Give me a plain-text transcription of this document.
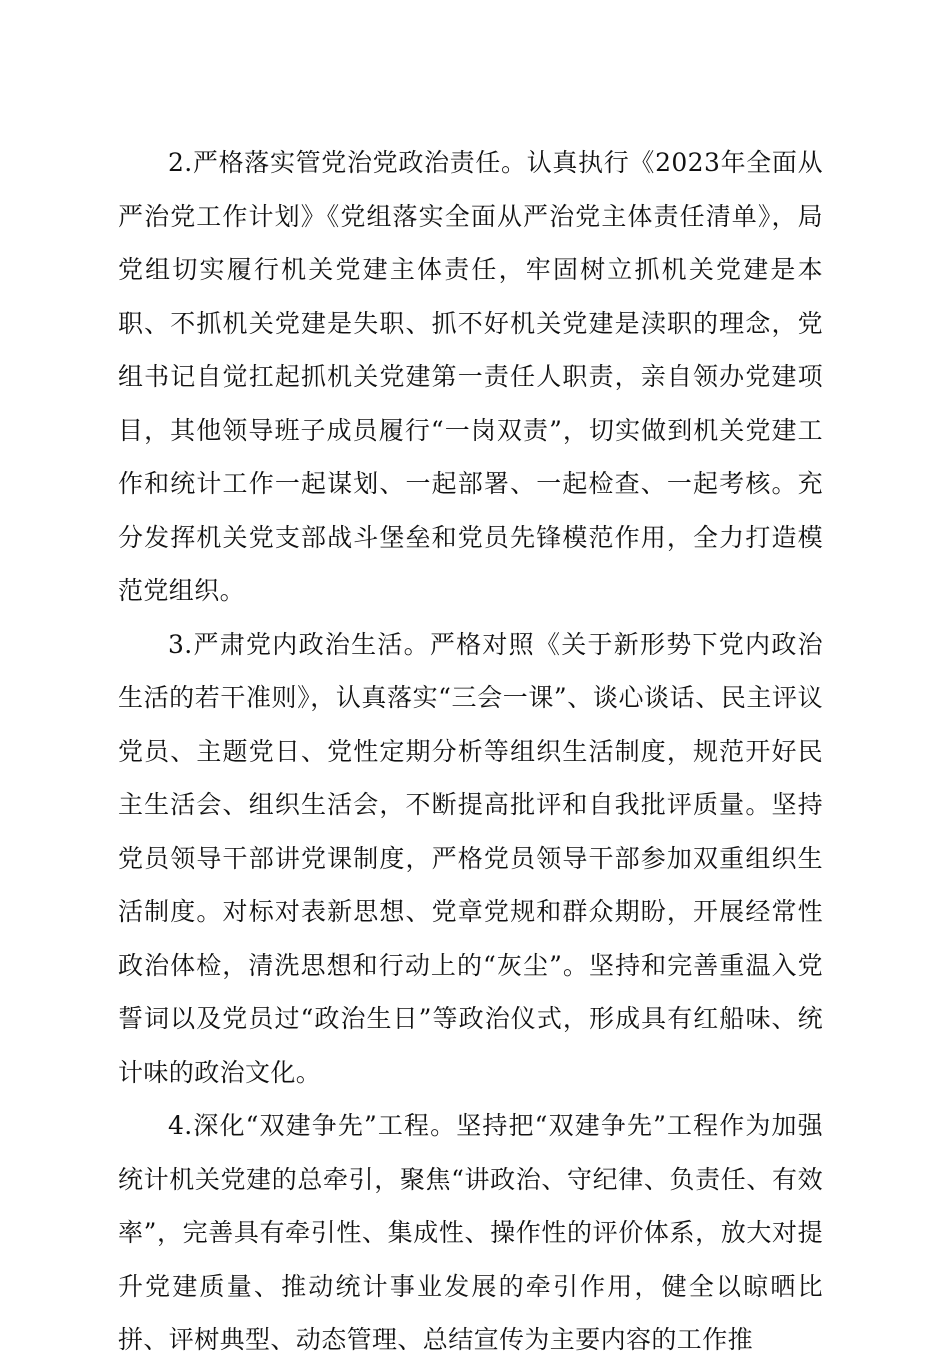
2.严格落实管党治党政治责任。认真执行《2023年全面从严治党工作计划》《党组落实全面从严治党主体责任清单》，局党组切实履行机关党建主体责任，牢固树立抓机关党建是本职、不抓机关党建是失职、抓不好机关党建是渎职的理念，党组书记自觉扛起抓机关党建第一责任人职责，亲自领办党建项目，其他领导班子成员履行“一岗双责”，切实做到机关党建工作和统计工作一起谋划、一起部署、一起检查、一起考核。充分发挥机关党支部战斗堡垒和党员先锋模范作用，全力打造模范党组织。

3.严肃党内政治生活。严格对照《关于新形势下党内政治生活的若干准则》，认真落实“三会一课”、谈心谈话、民主评议党员、主题党日、党性定期分析等组织生活制度，规范开好民主生活会、组织生活会，不断提高批评和自我批评质量。坚持党员领导干部讲党课制度，严格党员领导干部参加双重组织生活制度。对标对表新思想、党章党规和群众期盼，开展经常性政治体检，清洗思想和行动上的“灰尘”。坚持和完善重温入党誓词以及党员过“政治生日”等政治仪式，形成具有红船味、统计味的政治文化。

4.深化“双建争先”工程。坚持把“双建争先”工程作为加强统计机关党建的总牵引，聚焦“讲政治、守纪律、负责任、有效率”，完善具有牵引性、集成性、操作性的评价体系，放大对提升党建质量、推动统计事业发展的牵引作用，健全以晾晒比拼、评树典型、动态管理、总结宣传为主要内容的工作推
